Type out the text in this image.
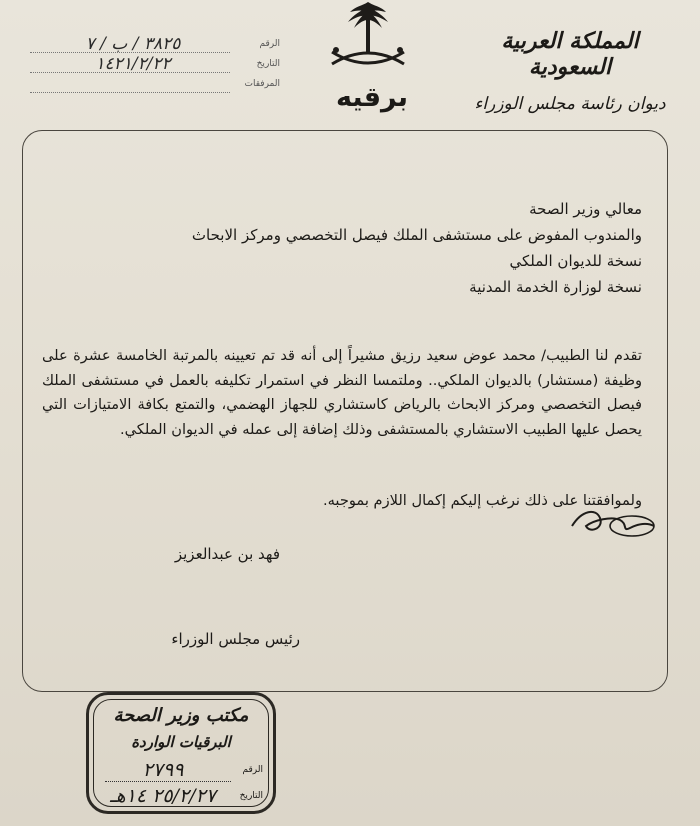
المملكة العربية السعودية
ديوان رئاسة مجلس الوزراء
برقيه
الرقم
٣٨٢٥ / ب / ٧
التاريخ
١٤٢١/٢/٢٢
المرفقات
معالي وزير الصحة
والمندوب المفوض على مستشفى الملك فيصل التخصصي ومركز الابحاث
نسخة للديوان الملكي
نسخة لوزارة الخدمة المدنية
تقدم لنا الطبيب/ محمد عوض سعيد رزيق مشيراً إلى أنه قد تم تعيينه بالمرتبة الخامسة عشرة على وظيفة (مستشار) بالديوان الملكي.. وملتمسا النظر في استمرار تكليفه بالعمل في مستشفى الملك فيصل التخصصي ومركز الابحاث بالرياض كاستشاري للجهاز الهضمي، والتمتع بكافة الامتيازات التي يحصل عليها الطبيب الاستشاري بالمستشفى وذلك إضافة إلى عمله في الديوان الملكي.
ولموافقتنا على ذلك نرغب إليكم إكمال اللازم بموجبه.
فهد بن عبدالعزيز
رئيس مجلس الوزراء
مكتب وزير الصحة
البرقيات الواردة
الرقم
٢٧٩٩
التاريخ
٢٥/٢/٢٧ ١٤هـ
